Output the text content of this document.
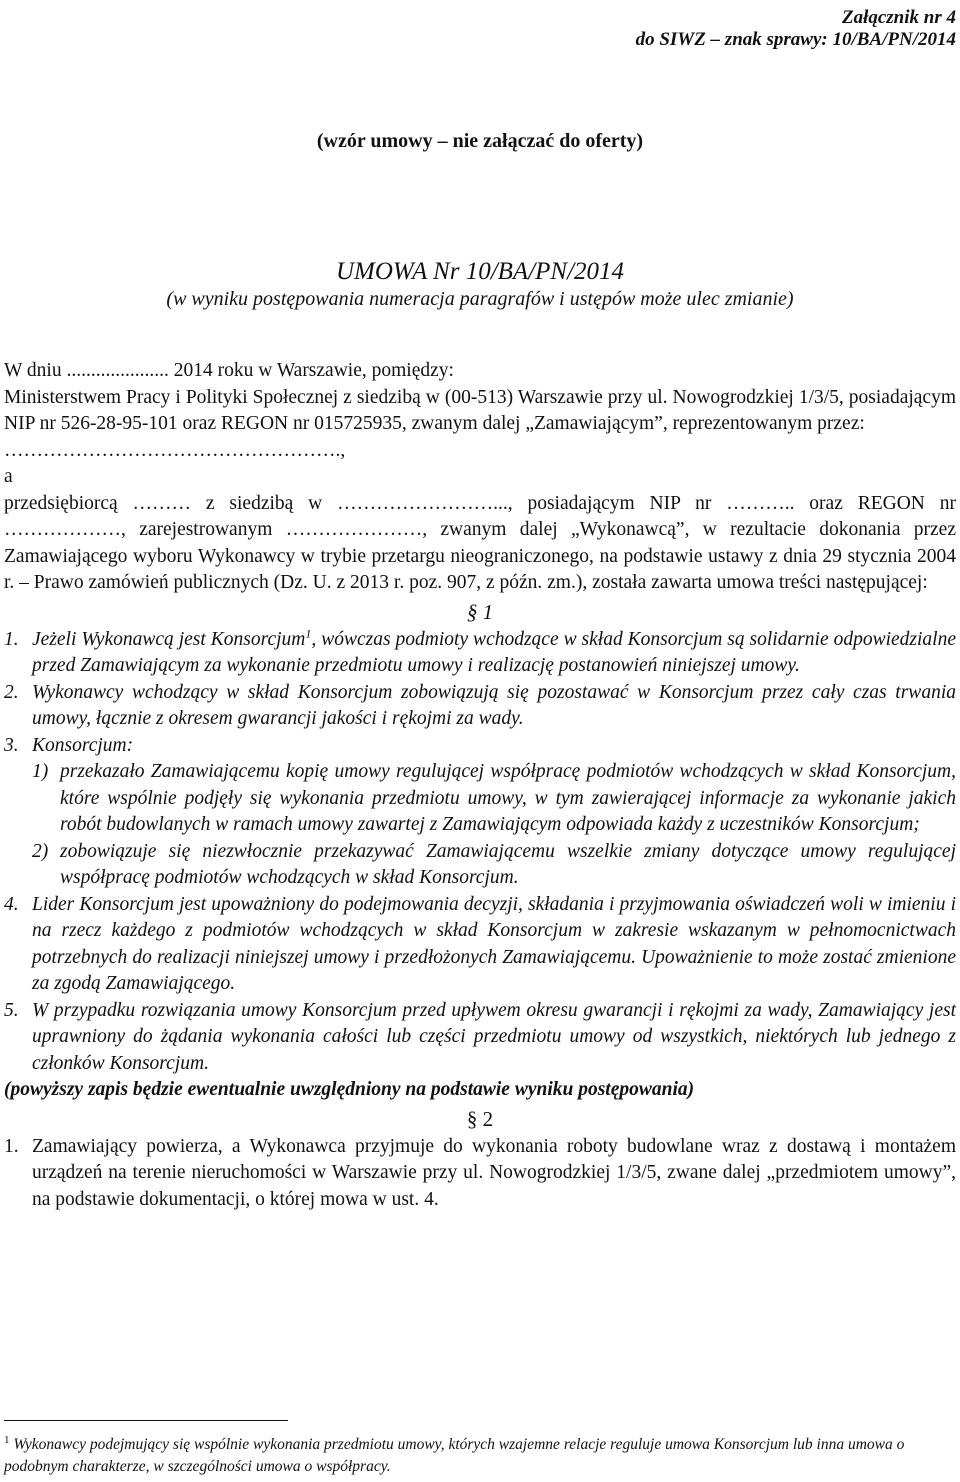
Załącznik nr 4
do SIWZ – znak sprawy: 10/BA/PN/2014
(wzór umowy – nie załączać do oferty)
UMOWA Nr 10/BA/PN/2014
(w wyniku postępowania numeracja paragrafów i ustępów może ulec zmianie)

W dniu ..................... 2014 roku w Warszawie, pomiędzy:

Ministerstwem Pracy i Polityki Społecznej z siedzibą w (00-513) Warszawie przy ul. Nowogrodzkiej 1/3/5, posiadającym NIP nr 526-28-95-101 oraz REGON nr 015725935, zwanym dalej „Zamawiającym”, reprezentowanym przez:

…………………………………………….,

a

przedsiębiorcą ……… z siedzibą w ……………………..., posiadającym NIP nr ……….. oraz REGON nr ………………, zarejestrowanym …………………, zwanym dalej „Wykonawcą”, w rezultacie dokonania przez Zamawiającego wyboru Wykonawcy w trybie przetargu nieograniczonego, na podstawie ustawy z dnia 29 stycznia 2004 r. – Prawo zamówień publicznych (Dz. U. z 2013 r. poz. 907, z późn. zm.), została zawarta umowa treści następującej:

§ 1

1. Jeżeli Wykonawcą jest Konsorcjum$^1$, wówczas podmioty wchodzące w skład Konsorcjum są solidarnie odpowiedzialne przed Zamawiającym za wykonanie przedmiotu umowy i realizację postanowień niniejszej umowy.
2. Wykonawcy wchodzący w skład Konsorcjum zobowiązują się pozostawać w Konsorcjum przez cały czas trwania umowy, łącznie z okresem gwarancji jakości i rękojmi za wady.
3. Konsorcjum:
1) przekazało Zamawiającemu kopię umowy regulującej współpracę podmiotów wchodzących w skład Konsorcjum, które wspólnie podjęły się wykonania przedmiotu umowy, w tym zawierającej informacje za wykonanie jakich robót budowlanych w ramach umowy zawartej z Zamawiającym odpowiada każdy z uczestników Konsorcjum;
2) zobowiązuje się niezwłocznie przekazywać Zamawiającemu wszelkie zmiany dotyczące umowy regulującej współpracę podmiotów wchodzących w skład Konsorcjum.
4. Lider Konsorcjum jest upoważniony do podejmowania decyzji, składania i przyjmowania oświadczeń woli w imieniu i na rzecz każdego z podmiotów wchodzących w skład Konsorcjum w zakresie wskazanym w pełnomocnictwach potrzebnych do realizacji niniejszej umowy i przedłożonych Zamawiającemu. Upoważnienie to może zostać zmienione za zgodą Zamawiającego.
5. W przypadku rozwiązania umowy Konsorcjum przed upływem okresu gwarancji i rękojmi za wady, Zamawiający jest uprawniony do żądania wykonania całości lub części przedmiotu umowy od wszystkich, niektórych lub jednego z członków Konsorcjum.

(powyższy zapis będzie ewentualnie uwzględniony na podstawie wyniku postępowania)

§ 2

1. Zamawiający powierza, a Wykonawca przyjmuje do wykonania roboty budowlane wraz z dostawą i montażem urządzeń na terenie nieruchomości w Warszawie przy ul. Nowogrodzkiej 1/3/5, zwane dalej „przedmiotem umowy”, na podstawie dokumentacji, o której mowa w ust. 4.
$^1$ Wykonawcy podejmujący się wspólnie wykonania przedmiotu umowy, których wzajemne relacje reguluje umowa Konsorcjum lub inna umowa o podobnym charakterze, w szczególności umowa o współpracy.
